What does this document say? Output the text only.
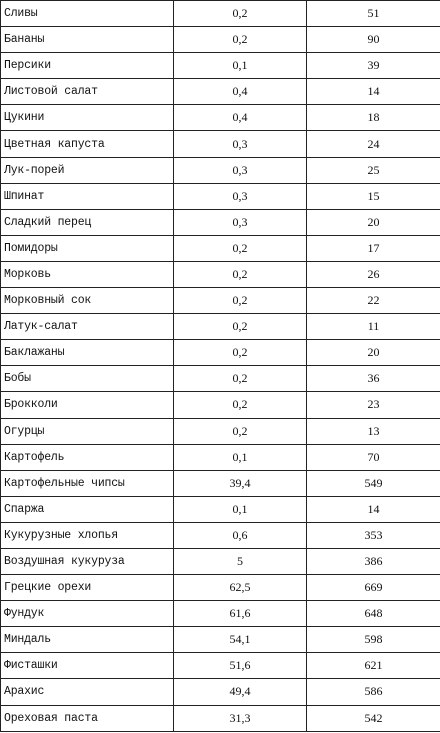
Сливы	0,2	51
Бананы	0,2	90
Персики	0,1	39
Листовой салат	0,4	14
Цукини	0,4	18
Цветная капуста	0,3	24
Лук-порей	0,3	25
Шпинат	0,3	15
Сладкий перец	0,3	20
Помидоры	0,2	17
Морковь	0,2	26
Морковный сок	0,2	22
Латук-салат	0,2	11
Баклажаны	0,2	20
Бобы	0,2	36
Брокколи	0,2	23
Огурцы	0,2	13
Картофель	0,1	70
Картофельные чипсы	39,4	549
Спаржа	0,1	14
Кукурузные хлопья	0,6	353
Воздушная кукуруза	5	386
Грецкие орехи	62,5	669
Фундук	61,6	648
Миндаль	54,1	598
Фисташки	51,6	621
Арахис	49,4	586
Ореховая паста	31,3	542
